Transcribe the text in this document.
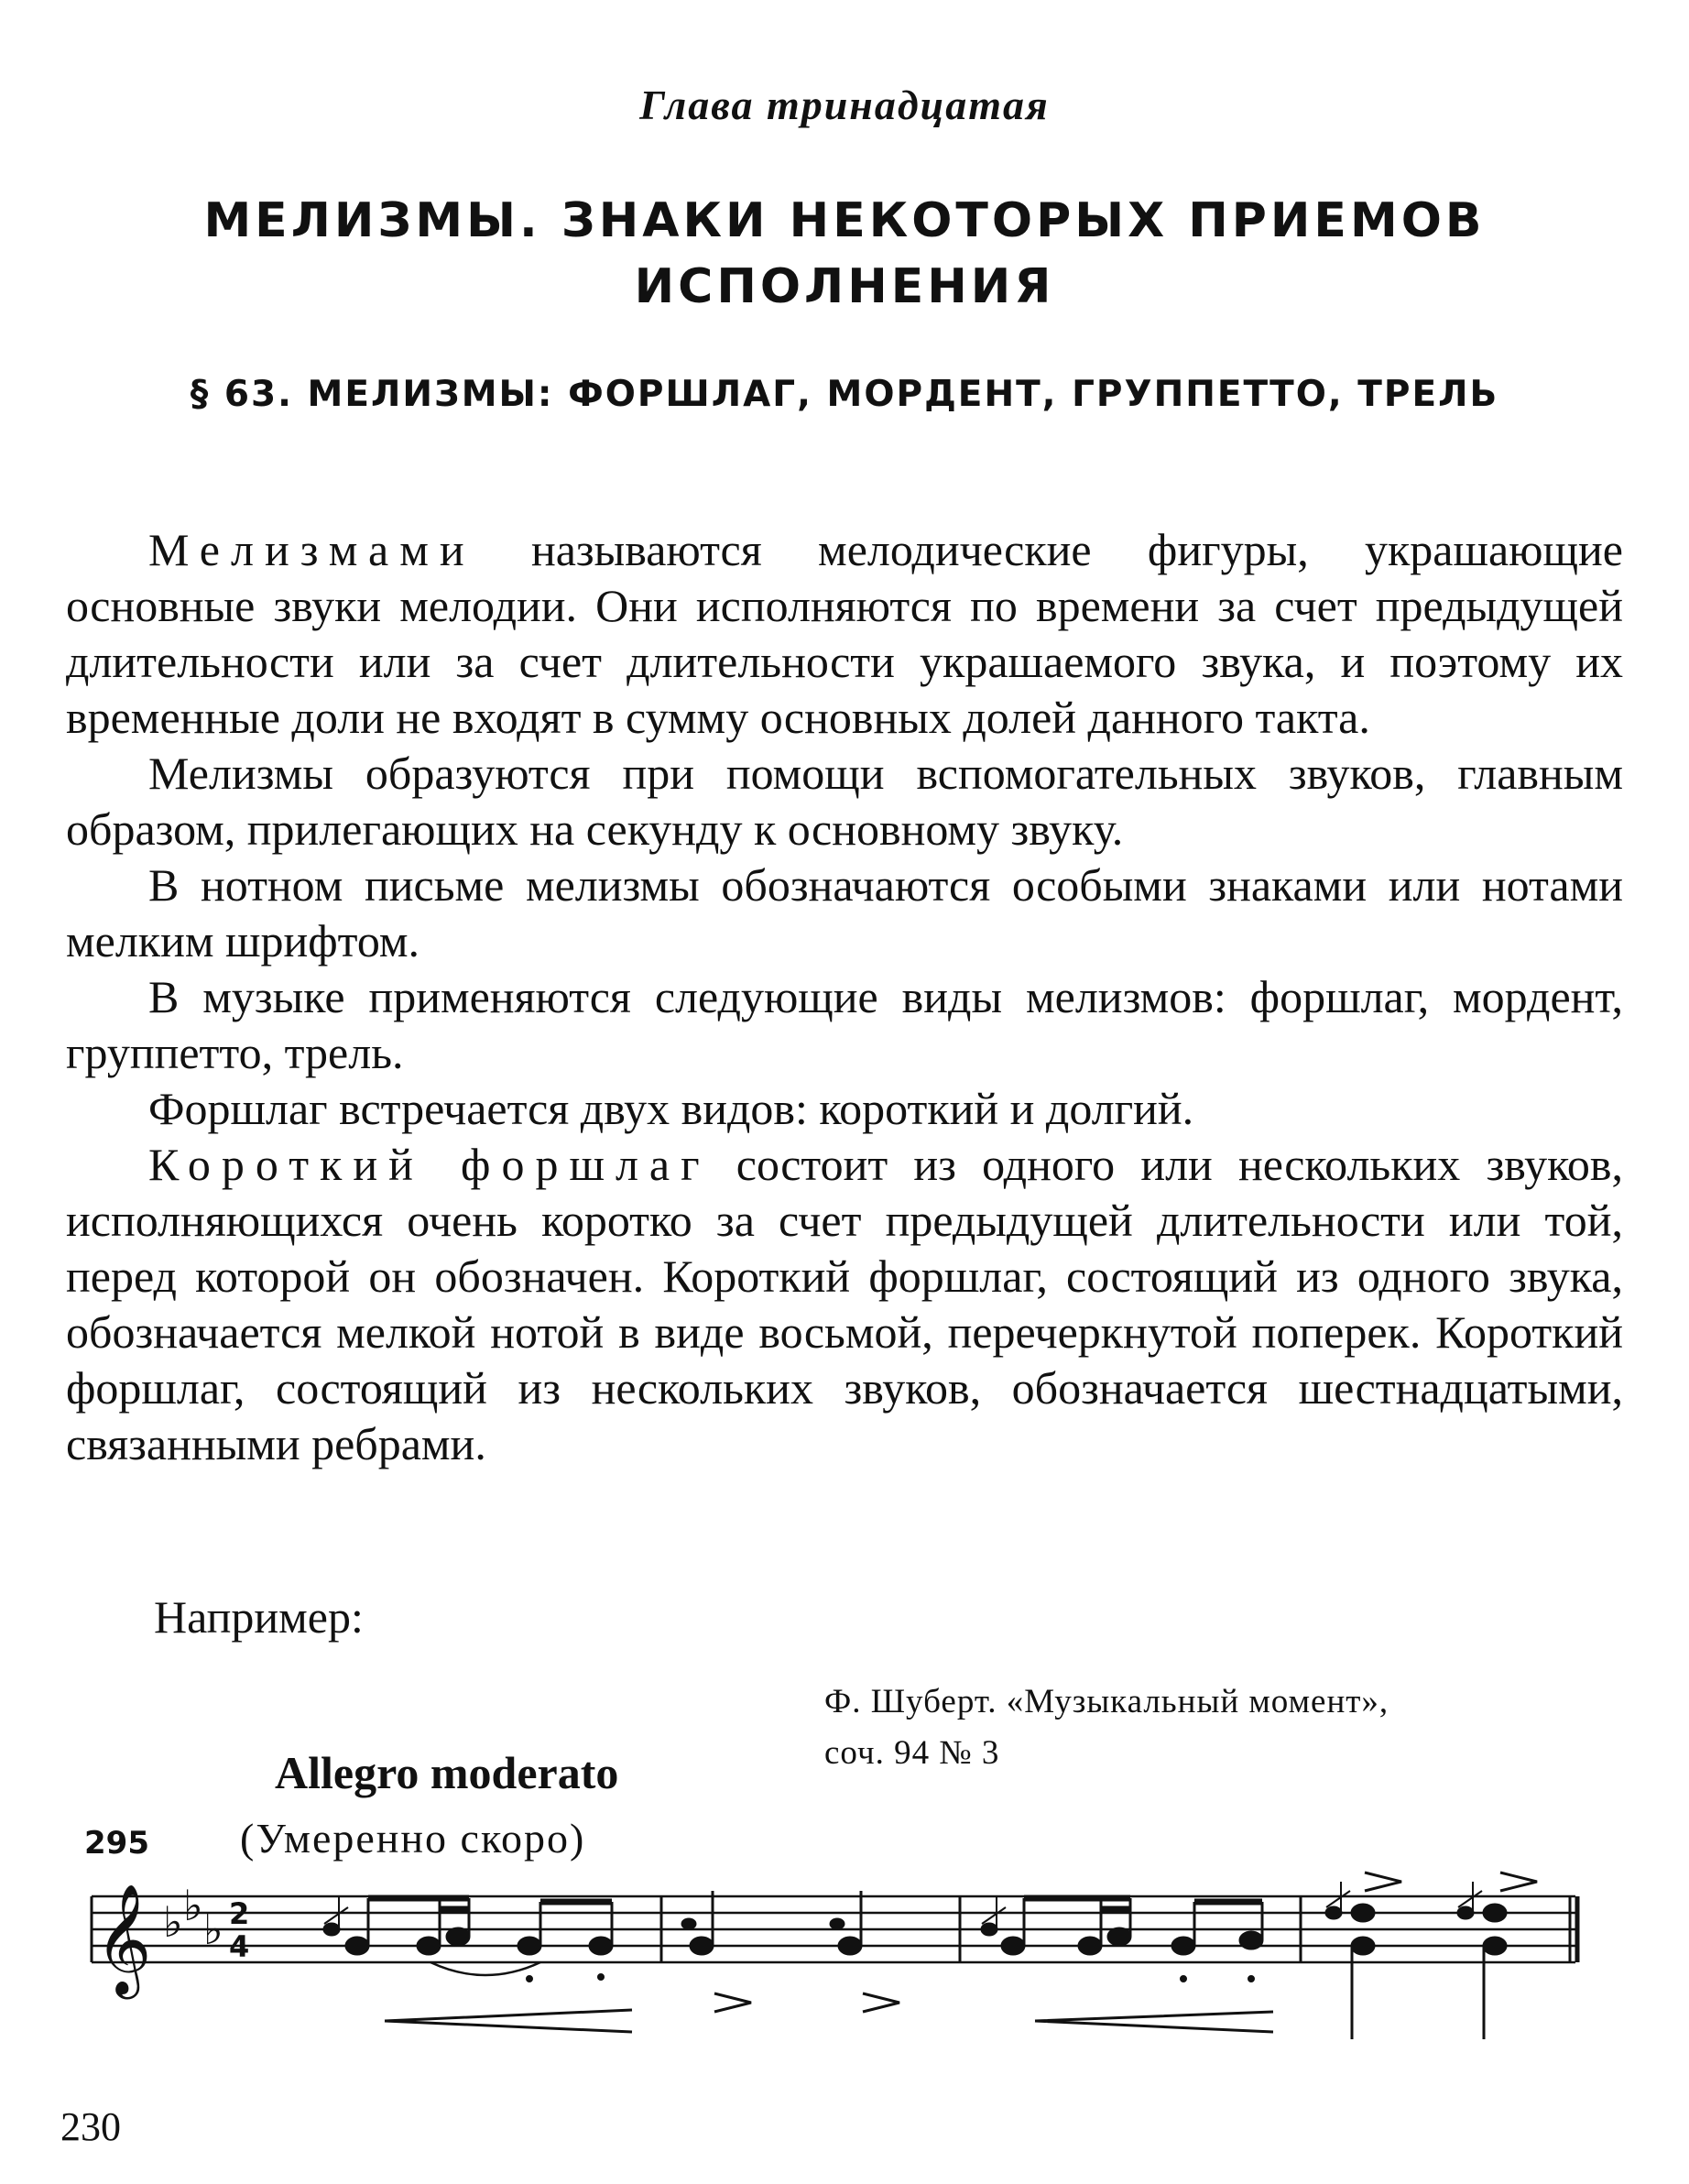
Глава тринадцатая
МЕЛИЗМЫ. ЗНАКИ НЕКОТОРЫХ ПРИЕМОВ
ИСПОЛНЕНИЯ
§ 63. МЕЛИЗМЫ: ФОРШЛАГ, МОРДЕНТ, ГРУППЕТТО, ТРЕЛЬ

Мелизмами называются мелодические фигуры, украшающие основные звуки мелодии. Они исполняются по времени за счет предыдущей длительности или за счет длительности украшаемого звука, и поэтому их временные доли не входят в сумму основных долей данного такта.

Мелизмы образуются при помощи вспомогательных звуков, главным образом, прилегающих на секунду к основному звуку.

В нотном письме мелизмы обозначаются особыми знаками или нотами мелким шрифтом.

В музыке применяются следующие виды мелизмов: форшлаг, мордент, группетто, трель.

Форшлаг встречается двух видов: короткий и долгий.

Короткий форшлаг состоит из одного или нескольких звуков, исполняющихся очень коротко за счет предыдущей длительности или той, перед которой он обозначен. Короткий форшлаг, состоящий из одного звука, обозначается мелкой нотой в виде восьмой, перечеркнутой поперек. Короткий форшлаг, состоящий из нескольких звуков, обозначается шестнадцатыми, связанными ребрами.

Например:
Ф. Шуберт. «Музыкальный момент»,
соч. 94 № 3
Allegro moderato
(Умеренно скоро)
295
𝄞 ♭ ♭ ♭ 2
4
230
